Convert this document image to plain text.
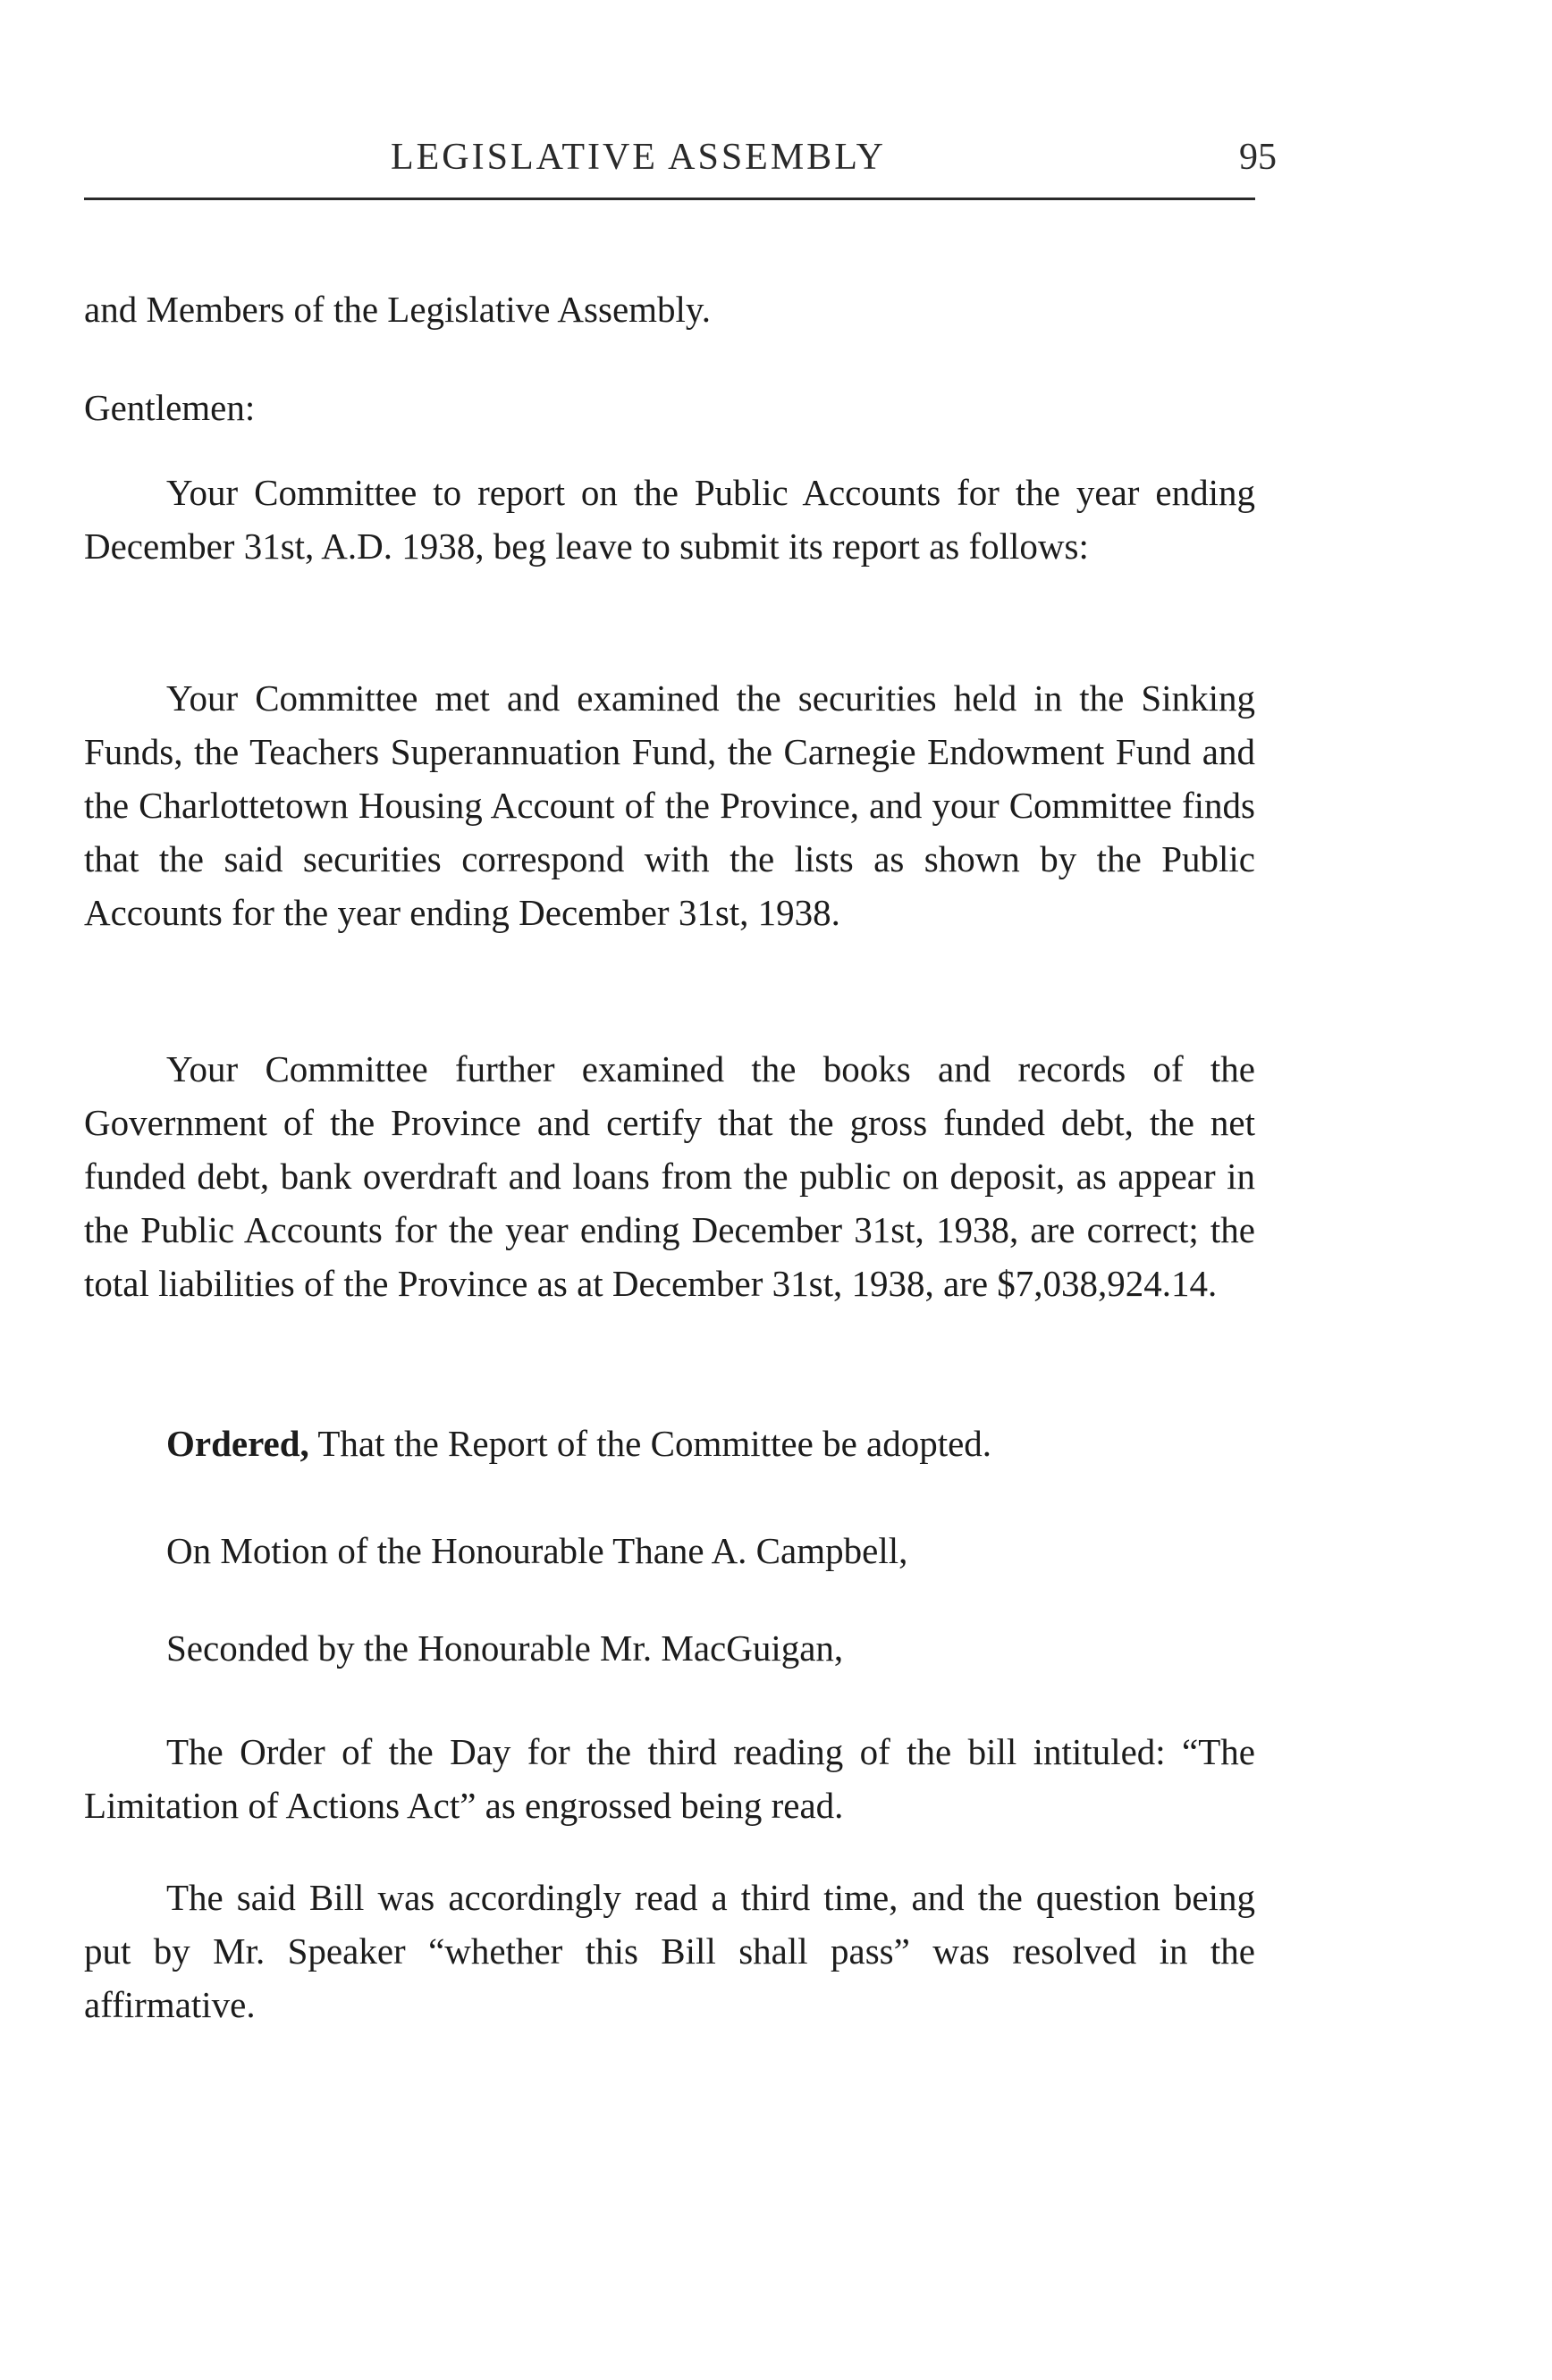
LEGISLATIVE ASSEMBLY	95

and Members of the Legislative Assembly.

Gentlemen:

Your Committee to report on the Public Accounts for the year ending December 31st, A.D. 1938, beg leave to submit its report as follows:

Your Committee met and examined the securities held in the Sinking Funds, the Teachers Superannuation Fund, the Carnegie Endowment Fund and the Charlottetown Housing Account of the Province, and your Committee finds that the said securities correspond with the lists as shown by the Public Accounts for the year ending December 31st, 1938.

Your Committee further examined the books and records of the Government of the Province and certify that the gross funded debt, the net funded debt, bank overdraft and loans from the public on deposit, as appear in the Public Accounts for the year ending December 31st, 1938, are correct; the total liabilities of the Province as at December 31st, 1938, are $7,038,924.14.

Ordered, That the Report of the Committee be adopted.

On Motion of the Honourable Thane A. Campbell,

Seconded by the Honourable Mr. MacGuigan,

The Order of the Day for the third reading of the bill intituled: “The Limitation of Actions Act” as engrossed being read.

The said Bill was accordingly read a third time, and the question being put by Mr. Speaker “whether this Bill shall pass” was resolved in the affirmative.
